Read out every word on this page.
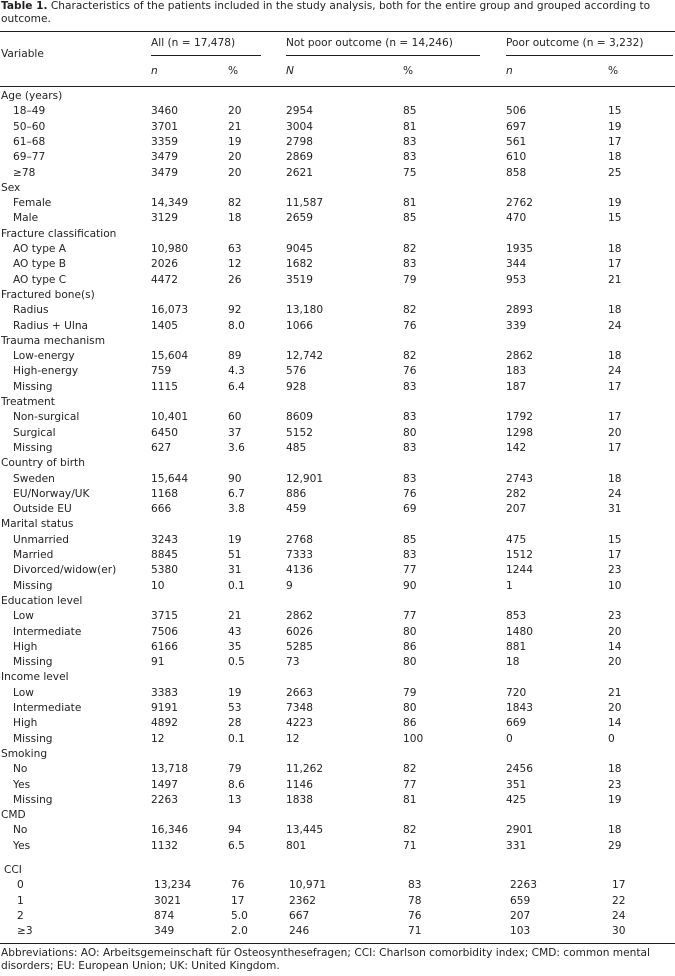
Table 1. Characteristics of the patients included in the study analysis, both for the entire group and grouped according to outcome.
Variable
All (n = 17,478)	Not poor outcome (n = 14,246)	Poor outcome (n = 3,232)
n	%	N	%	n	%
Age (years)
18–49	3460	20	2954	85	506	15
50–60	3701	21	3004	81	697	19
61–68	3359	19	2798	83	561	17
69–77	3479	20	2869	83	610	18
≥78	3479	20	2621	75	858	25
Sex
Female	14,349	82	11,587	81	2762	19
Male	3129	18	2659	85	470	15
Fracture classification
AO type A	10,980	63	9045	82	1935	18
AO type B	2026	12	1682	83	344	17
AO type C	4472	26	3519	79	953	21
Fractured bone(s)
Radius	16,073	92	13,180	82	2893	18
Radius + Ulna	1405	8.0	1066	76	339	24
Trauma mechanism
Low-energy	15,604	89	12,742	82	2862	18
High-energy	759	4.3	576	76	183	24
Missing	1115	6.4	928	83	187	17
Treatment
Non-surgical	10,401	60	8609	83	1792	17
Surgical	6450	37	5152	80	1298	20
Missing	627	3.6	485	83	142	17
Country of birth
Sweden	15,644	90	12,901	83	2743	18
EU/Norway/UK	1168	6.7	886	76	282	24
Outside EU	666	3.8	459	69	207	31
Marital status
Unmarried	3243	19	2768	85	475	15
Married	8845	51	7333	83	1512	17
Divorced/widow(er)	5380	31	4136	77	1244	23
Missing	10	0.1	9	90	1	10
Education level
Low	3715	21	2862	77	853	23
Intermediate	7506	43	6026	80	1480	20
High	6166	35	5285	86	881	14
Missing	91	0.5	73	80	18	20
Income level
Low	3383	19	2663	79	720	21
Intermediate	9191	53	7348	80	1843	20
High	4892	28	4223	86	669	14
Missing	12	0.1	12	100	0	0
Smoking
No	13,718	79	11,262	82	2456	18
Yes	1497	8.6	1146	77	351	23
Missing	2263	13	1838	81	425	19
CMD
No	16,346	94	13,445	82	2901	18
Yes	1132	6.5	801	71	331	29
CCI
0	13,234	76	10,971	83	2263	17
1	3021	17	2362	78	659	22
2	874	5.0	667	76	207	24
≥3	349	2.0	246	71	103	30
Abbreviations: AO: Arbeitsgemeinschaft für Osteosynthesefragen; CCI: Charlson comorbidity index; CMD: common mental disorders; EU: European Union; UK: United Kingdom.
